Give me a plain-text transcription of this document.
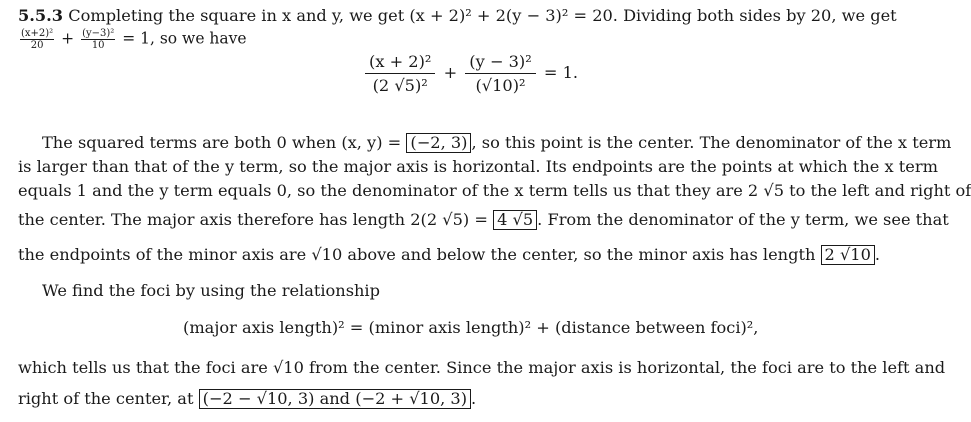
5.5.3 Completing the square in x and y, we get (x + 2)² + 2(y − 3)² = 20. Dividing both sides by 20, we get
$\frac{\text{(x+2)²}}{20} + \frac{\text{(y−3)²}}{10} = 1$, so we have
$\frac{\text{(x + 2)²}}{\text{(2 √5)²}} + \frac{\text{(y − 3)²}}{\text{(√10)²}} = 1$.
The squared terms are both 0 when (x, y) = (−2, 3) , so this point is the center. The denominator of the x term
is larger than that of the y term, so the major axis is horizontal. Its endpoints are the points at which the x term
equals 1 and the y term equals 0, so the denominator of the x term tells us that they are 2 √5 to the left and right of
the center. The major axis therefore has length 2(2 √5) = 4 √5 . From the denominator of the y term, we see that
the endpoints of the minor axis are √10 above and below the center, so the minor axis has length 2 √10 .
We find the foci by using the relationship
(major axis length)² = (minor axis length)² + (distance between foci)²,
which tells us that the foci are √10 from the center. Since the major axis is horizontal, the foci are to the left and
right of the center, at (−2 − √10, 3) and (−2 + √10, 3) .
